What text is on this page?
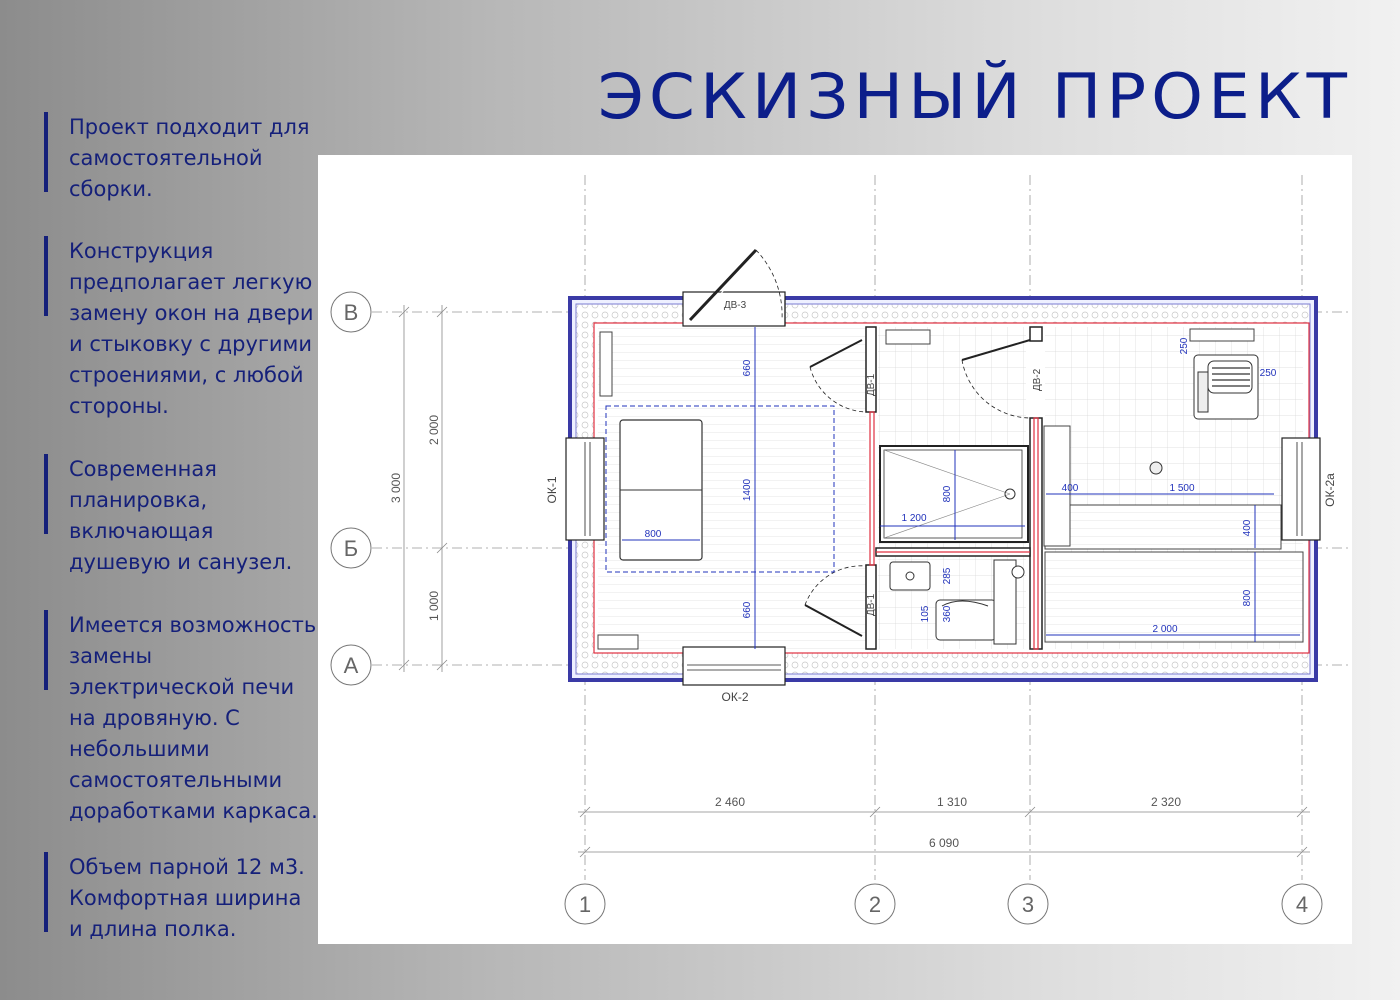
ЭСКИЗНЫЙ ПРОЕКТ
Проект подходит для
самостоятельной
сборки.
Конструкция
предполагает легкую
замену окон на двери
и стыковку с другими
строениями, с любой
стороны.
Современная
планировка,
включающая
душевую и санузел.
Имеется возможность
замены
электрической печи
на дровяную. С
небольшими
самостоятельными
доработками каркаса.
Объем парной 12 м3.
Комфортная ширина
и длина полка.
ДВ-3
ДВ-1
ДВ-1
ДВ-2
ОК-1
ОК-2
ОК-2а
660
1400
660
800
1 200
800
285
360
105
250
250
400	1 500
400
800
2 000
1	2	3	4
В
Б
А
2 460	1 310	2 320
6 090
2 000
1 000
3 000
